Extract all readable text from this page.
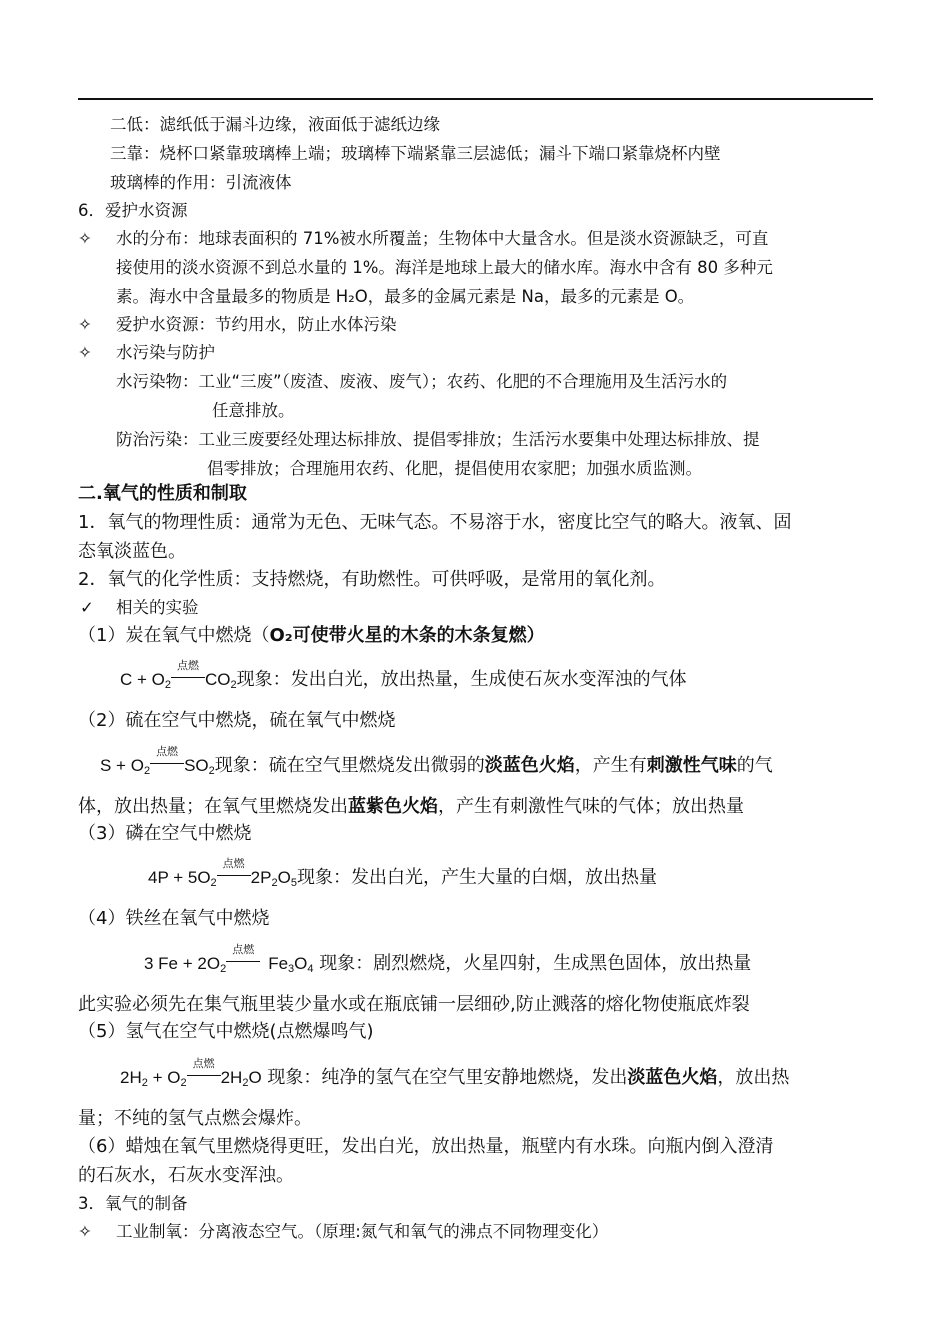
二低：滤纸低于漏斗边缘，液面低于滤纸边缘
三靠：烧杯口紧靠玻璃棒上端；玻璃棒下端紧靠三层滤低；漏斗下端口紧靠烧杯内壁
玻璃棒的作用：引流液体
6．爱护水资源
✧ 水的分布：地球表面积的 71%被水所覆盖；生物体中大量含水。但是淡水资源缺乏，可直
接使用的淡水资源不到总水量的 1%。海洋是地球上最大的储水库。海水中含有 80 多种元
素。海水中含量最多的物质是 H₂O，最多的金属元素是 Na，最多的元素是 O。
✧ 爱护水资源：节约用水，防止水体污染
✧ 水污染与防护
水污染物：工业“三废”（废渣、废液、废气）；农药、化肥的不合理施用及生活污水的
任意排放。
防治污染：工业三废要经处理达标排放、提倡零排放；生活污水要集中处理达标排放、提
倡零排放；合理施用农药、化肥，提倡使用农家肥；加强水质监测。
二.氧气的性质和制取
1．氧气的物理性质：通常为无色、无味气态。不易溶于水，密度比空气的略大。液氧、固
态氧淡蓝色。
2．氧气的化学性质：支持燃烧，有助燃性。可供呼吸，是常用的氧化剂。
✓ 相关的实验
（1）炭在氧气中燃烧（O₂可使带火星的木条的木条复燃）
$C + O_2$
点燃
$CO_2$现象：发出白光，放出热量，生成使石灰水变浑浊的气体
（2）硫在空气中燃烧，硫在氧气中燃烧
$S + O_2$
点燃
$SO_2$现象：硫在空气里燃烧发出微弱的淡蓝色火焰，产生有刺激性气味的气
体，放出热量；在氧气里燃烧发出蓝紫色火焰，产生有刺激性气味的气体；放出热量
（3）磷在空气中燃烧
$4P + 5O_2$
点燃
$2P_2O_5$现象：发出白光，产生大量的白烟，放出热量
（4）铁丝在氧气中燃烧
3 $Fe + 2O_2$
点燃
$Fe_3O_4$ 现象：剧烈燃烧，火星四射，生成黑色固体，放出热量
此实验必须先在集气瓶里装少量水或在瓶底铺一层细砂,防止溅落的熔化物使瓶底炸裂
（5）氢气在空气中燃烧(点燃爆鸣气)
$2H_2 + O_2$
点燃
$2H_2O$ 现象：纯净的氢气在空气里安静地燃烧，发出淡蓝色火焰，放出热
量；不纯的氢气点燃会爆炸。
（6）蜡烛在氧气里燃烧得更旺，发出白光，放出热量，瓶壁内有水珠。向瓶内倒入澄清
的石灰水，石灰水变浑浊。
3．氧气的制备
✧ 工业制氧：分离液态空气。（原理:氮气和氧气的沸点不同物理变化）
